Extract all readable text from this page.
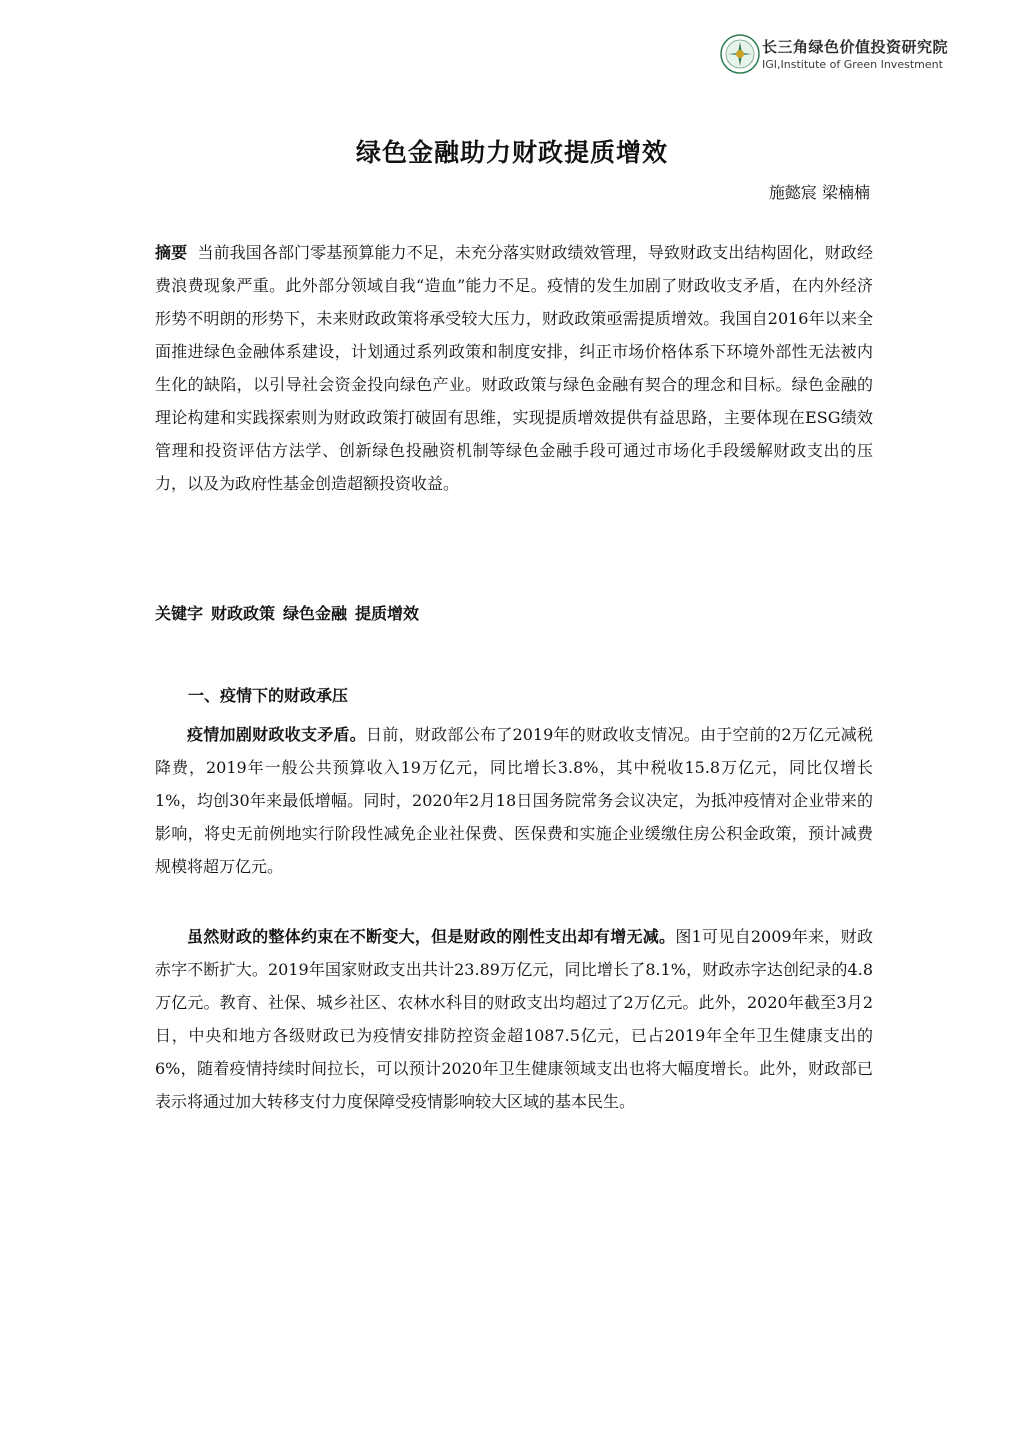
长三角绿色价值投资研究院
IGI,Institute of Green Investment
绿色金融助力财政提质增效
施懿宸 梁楠楠
摘要 当前我国各部门零基预算能力不足，未充分落实财政绩效管理，导致财政支出结构固化，财政经费浪费现象严重。此外部分领域自我“造血”能力不足。疫情的发生加剧了财政收支矛盾，在内外经济形势不明朗的形势下，未来财政政策将承受较大压力，财政政策亟需提质增效。我国自2016年以来全面推进绿色金融体系建设，计划通过系列政策和制度安排，纠正市场价格体系下环境外部性无法被内生化的缺陷，以引导社会资金投向绿色产业。财政政策与绿色金融有契合的理念和目标。绿色金融的理论构建和实践探索则为财政政策打破固有思维，实现提质增效提供有益思路，主要体现在ESG绩效管理和投资评估方法学、创新绿色投融资机制等绿色金融手段可通过市场化手段缓解财政支出的压力，以及为政府性基金创造超额投资收益。
关键字 财政政策 绿色金融 提质增效
一、疫情下的财政承压
疫情加剧财政收支矛盾。日前，财政部公布了2019年的财政收支情况。由于空前的2万亿元减税降费，2019年一般公共预算收入19万亿元，同比增长3.8%，其中税收15.8万亿元，同比仅增长1%，均创30年来最低增幅。同时，2020年2月18日国务院常务会议决定，为抵冲疫情对企业带来的影响，将史无前例地实行阶段性减免企业社保费、医保费和实施企业缓缴住房公积金政策，预计减费规模将超万亿元。
虽然财政的整体约束在不断变大，但是财政的刚性支出却有增无减。图1可见自2009年来，财政赤字不断扩大。2019年国家财政支出共计23.89万亿元，同比增长了8.1%，财政赤字达创纪录的4.8万亿元。教育、社保、城乡社区、农林水科目的财政支出均超过了2万亿元。此外，2020年截至3月2日，中央和地方各级财政已为疫情安排防控资金超1087.5亿元，已占2019年全年卫生健康支出的6%，随着疫情持续时间拉长，可以预计2020年卫生健康领域支出也将大幅度增长。此外，财政部已表示将通过加大转移支付力度保障受疫情影响较大区域的基本民生。
